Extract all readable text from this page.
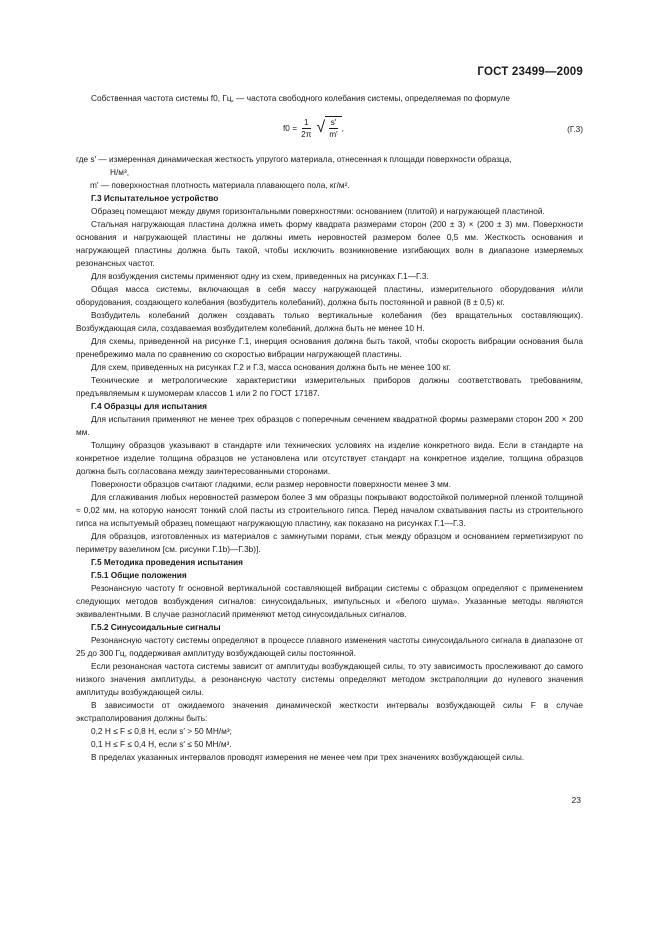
ГОСТ 23499—2009

Собственная частота системы f0, Гц, — частота свободного колебания системы, определяемая по формуле

$f0 = \frac{1}{2\pi}$ √ $\frac{s'}{m'}$ ,	(Г.3)

где s′ — измеренная динамическая жесткость упругого материала, отнесенная к площади поверхности образца,

Н/м³,

m′ — поверхностная плотность материала плавающего пола, кг/м².

Г.3 Испытательное устройство

Образец помещают между двумя горизонтальными поверхностями: основанием (плитой) и нагружающей пластиной.

Стальная нагружающая пластина должна иметь форму квадрата размерами сторон (200 ± 3) × (200 ± 3) мм. Поверхности основания и нагружающей пластины не должны иметь неровностей размером более 0,5 мм. Жесткость основания и нагружающей пластины должна быть такой, чтобы исключить возникновение изгибающих волн в диапазоне измеряемых резонансных частот.

Для возбуждения системы применяют одну из схем, приведенных на рисунках Г.1—Г.3.

Общая масса системы, включающая в себя массу нагружающей пластины, измерительного оборудования и/или оборудования, создающего колебания (возбудитель колебаний), должна быть постоянной и равной (8 ± 0,5) кг.

Возбудитель колебаний должен создавать только вертикальные колебания (без вращательных составляющих). Возбуждающая сила, создаваемая возбудителем колебаний, должна быть не менее 10 Н.

Для схемы, приведенной на рисунке Г.1, инерция основания должна быть такой, чтобы скорость вибрации основания была пренебрежимо мала по сравнению со скоростью вибрации нагружающей пластины.

Для схем, приведенных на рисунках Г.2 и Г.3, масса основания должна быть не менее 100 кг.

Технические и метрологические характеристики измерительных приборов должны соответствовать требованиям, предъявляемым к шумомерам классов 1 или 2 по ГОСТ 17187.

Г.4 Образцы для испытания

Для испытания применяют не менее трех образцов с поперечным сечением квадратной формы размерами сторон 200 × 200 мм.

Толщину образцов указывают в стандарте или технических условиях на изделие конкретного вида. Если в стандарте на конкретное изделие толщина образцов не установлена или отсутствует стандарт на конкретное изделие, толщина образцов должна быть согласована между заинтересованными сторонами.

Поверхности образцов считают гладкими, если размер неровности поверхности менее 3 мм.

Для сглаживания любых неровностей размером более 3 мм образцы покрывают водостойкой полимерной пленкой толщиной ≈ 0,02 мм, на которую наносят тонкий слой пасты из строительного гипса. Перед началом схватывания пасты из строительного гипса на испытуемый образец помещают нагружающую пластину, как показано на рисунках Г.1—Г.3.

Для образцов, изготовленных из материалов с замкнутыми порами, стык между образцом и основанием герметизируют по периметру вазелином [см. рисунки Г.1b)—Г.3b)].

Г.5 Методика проведения испытания

Г.5.1 Общие положения

Резонансную частоту fr основной вертикальной составляющей вибрации системы с образцом определяют с применением следующих методов возбуждения сигналов: синусоидальных, импульсных и «белого шума». Указанные методы являются эквивалентными. В случае разногласий применяют метод синусоидальных сигналов.

Г.5.2 Синусоидальные сигналы

Резонансную частоту системы определяют в процессе плавного изменения частоты синусоидального сигнала в диапазоне от 25 до 300 Гц, поддерживая амплитуду возбуждающей силы постоянной.

Если резонансная частота системы зависит от амплитуды возбуждающей силы, то эту зависимость прослеживают до самого низкого значения амплитуды, а резонансную частоту системы определяют методом экстраполяции до нулевого значения амплитуды возбуждающей силы.

В зависимости от ожидаемого значения динамической жесткости интервалы возбуждающей силы F в случае экстраполирования должны быть:

0,2 Н ≤ F ≤ 0,8 Н, если s′ > 50 МН/м³;

0,1 Н ≤ F ≤ 0,4 Н, если s′ ≤ 50 МН/м³.

В пределах указанных интервалов проводят измерения не менее чем при трех значениях возбуждающей силы.

23
